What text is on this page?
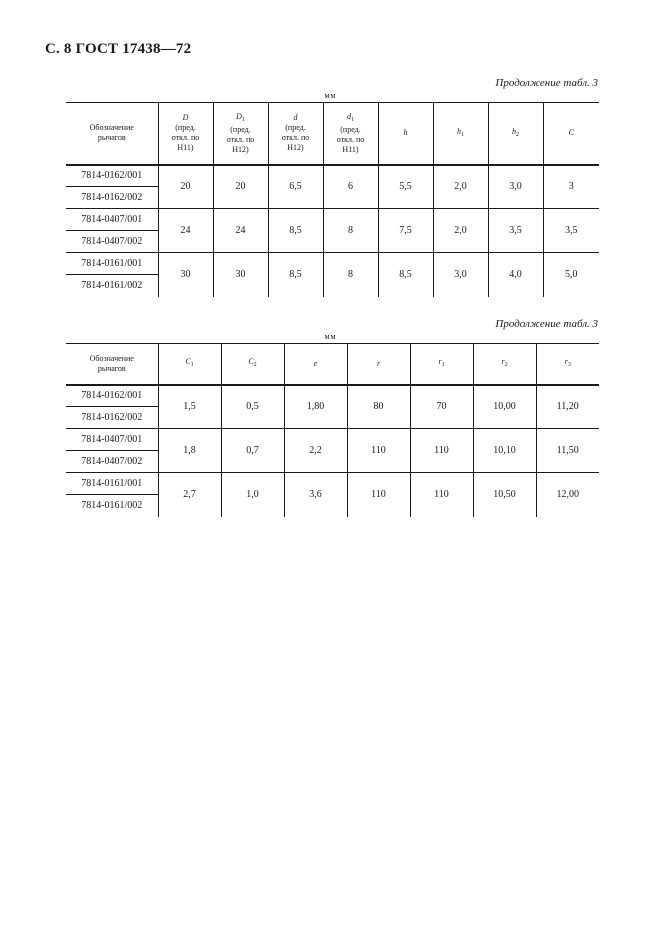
С. 8 ГОСТ 17438—72
Продолжение табл. 3
мм
Обозначение
рычагов	D
(пред.
откл. по
H11)	$D_1$
(пред.
откл. по
H12)	d
(пред.
откл. по
H12)	$d_1$
(пред.
откл. по
H11)	h	$h_1$	$h_2$	C
7814-0162/001	20	20	6,5	6	5,5	2,0	3,0	3
7814-0162/002								
7814-0407/001	24	24	8,5	8	7,5	2,0	3,5	3,5
7814-0407/002								
7814-0161/001	30	30	8,5	8	8,5	3,0	4,0	5,0
7814-0161/002								
Продолжение табл. 3
мм
Обозначение
рычагов	$C_1$	$C_2$	e	r	$r_1$	$r_2$	$r_3$
7814-0162/001	1,5	0,5	1,80	80	70	10,00	11,20
7814-0162/002							
7814-0407/001	1,8	0,7	2,2	110	110	10,10	11,50
7814-0407/002							
7814-0161/001	2,7	1,0	3,6	110	110	10,50	12,00
7814-0161/002							
